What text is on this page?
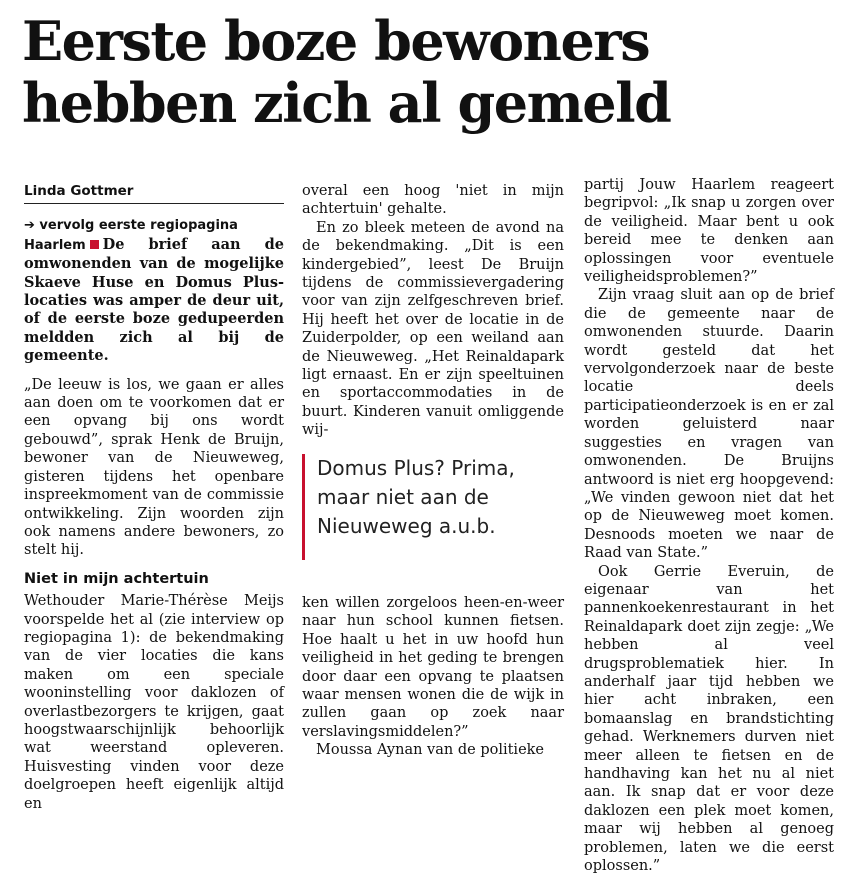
Eerste boze bewoners hebben zich al gemeld
Linda Gottmer

➔ vervolg eerste regiopagina
Haarlem De brief aan de omwonenden van de mogelijke Skaeve Huse en Domus Plus-locaties was amper de deur uit, of de eerste boze gedupeerden meldden zich al bij de gemeente.

„De leeuw is los, we gaan er alles aan doen om te voorkomen dat er een opvang bij ons wordt gebouwd”, sprak Henk de Bruijn, bewoner van de Nieuweweg, gisteren tijdens het openbare inspreekmoment van de commissie ontwikkeling. Zijn woorden zijn ook namens andere bewoners, zo stelt hij.

Niet in mijn achtertuin

Wethouder Marie-Thérèse Meijs voorspelde het al (zie interview op regiopagina 1): de bekendmaking van de vier locaties die kans maken om een speciale wooninstelling voor daklozen of overlastbezorgers te krijgen, gaat hoogstwaarschijnlijk behoorlijk wat weerstand opleveren. Huisvesting vinden voor deze doelgroepen heeft eigenlijk altijd en

overal een hoog 'niet in mijn achtertuin' gehalte.

En zo bleek meteen de avond na de bekendmaking. „Dit is een kindergebied”, leest De Bruijn tijdens de commissievergadering voor van zijn zelfgeschreven brief. Hij heeft het over de locatie in de Zuiderpolder, op een weiland aan de Nieuweweg. „Het Reinaldapark ligt ernaast. En er zijn speeltuinen en sportaccommodaties in de buurt. Kinderen vanuit omliggende wij-

Domus Plus? Prima, maar niet aan de Nieuweweg a.u.b.

ken willen zorgeloos heen-en-weer naar hun school kunnen fietsen. Hoe haalt u het in uw hoofd hun veiligheid in het geding te brengen door daar een opvang te plaatsen waar mensen wonen die de wijk in zullen gaan op zoek naar verslavingsmiddelen?”

Moussa Aynan van de politieke

partij Jouw Haarlem reageert begripvol: „Ik snap u zorgen over de veiligheid. Maar bent u ook bereid mee te denken aan oplossingen voor eventuele veiligheidsproblemen?”

Zijn vraag sluit aan op de brief die de gemeente naar de omwonenden stuurde. Daarin wordt gesteld dat het vervolgonderzoek naar de beste locatie deels participatieonderzoek is en er zal worden geluisterd naar suggesties en vragen van omwonenden. De Bruijns antwoord is niet erg hoopgevend: „We vinden gewoon niet dat het op de Nieuweweg moet komen. Desnoods moeten we naar de Raad van State.”

Ook Gerrie Everuin, de eigenaar van het pannenkoekenrestaurant in het Reinaldapark doet zijn zegje: „We hebben al veel drugsproblematiek hier. In anderhalf jaar tijd hebben we hier acht inbraken, een bomaanslag en brandstichting gehad. Werknemers durven niet meer alleen te fietsen en de handhaving kan het nu al niet aan. Ik snap dat er voor deze daklozen een plek moet komen, maar wij hebben al genoeg problemen, laten we die eerst oplossen.”
